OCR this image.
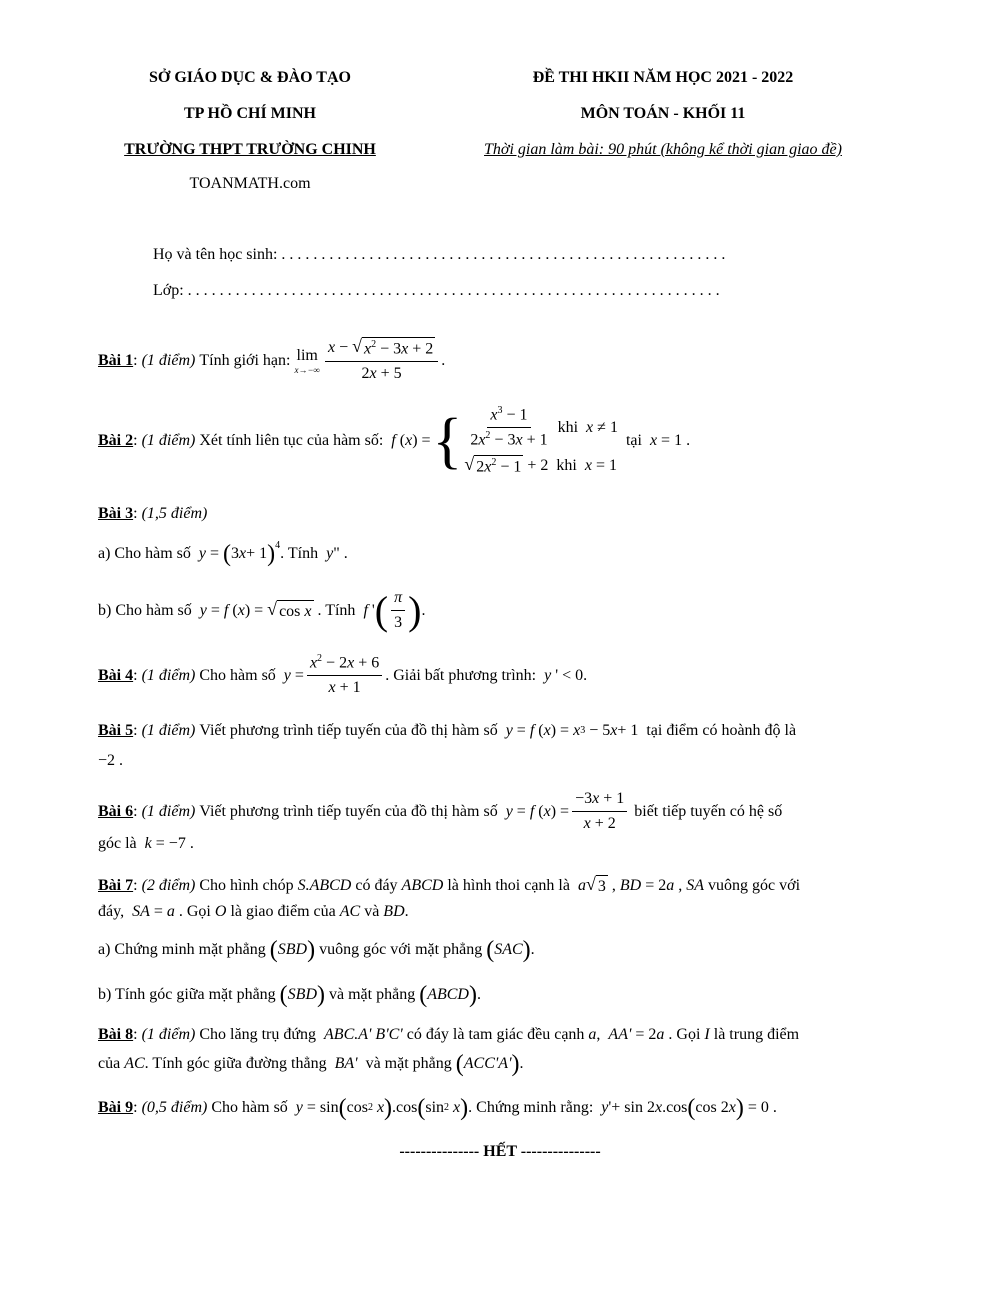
SỞ GIÁO DỤC & ĐÀO TẠO
TP HỒ CHÍ MINH
TRƯỜNG THPT TRƯỜNG CHINH
TOANMATH.com
ĐỀ THI HKII NĂM HỌC 2021 - 2022
MÔN TOÁN - KHỐI 11
Thời gian làm bài: 90 phút (không kể thời gian giao đề)
Họ và tên học sinh: . . . . . . . . . . . . . . . . . . . . . . . . . . . . . . . . . . . . . . . . . . . . . . . . . . . . . . . .
Lớp: . . . . . . . . . . . . . . . . . . . . . . . . . . . . . . . . . . . . . . . . . . . . . . . . . . . . . . . . . . . . . . . . . . .
Bài 1 : (1 điểm)
Tính giới hạn:
lim
$x\to-\infty \frac{x - √ x^2 - 3x + 2}{2x + 5}$ .
Bài 2 : (1 điểm)
Xét tính liên tục của hàm số:
f
( x ) = { $\frac{x^3 - 1}{2x^2 - 3x + 1}$
khi
x ≠ 1
√ $2x^2 - 1 + 2$ khi
x = 1

tại
x = 1 .
Bài 3 : (1,5 điểm)
a) Cho hàm số
y = ( 3 x + 1 )$^4$ . Tính
y " .
b) Cho hàm số
y = f ( x ) = √ cos x
. Tính
f ' ( $\frac{\pi}{3}$ ) .
Bài 4 : (1 điểm)
Cho hàm số
$y = \frac{x^2 - 2x + 6}{x + 1}$ . Giải bất phương trình:
y ' < 0.
Bài 5 : (1 điểm)
Viết phương trình tiếp tuyến của đồ thị hàm số
y = f ( x ) = x 3 − 5 x + 1 tại điểm có hoành độ là
−2 .
Bài 6 : (1 điểm)
Viết phương trình tiếp tuyến của đồ thị hàm số
y = f ( x ) = $\frac{-3x + 1}{x + 2}$
biết tiếp tuyến có hệ số
góc là
k = −7 .
Bài 7 : (2 điểm)
Cho hình chóp
S.ABCD
có đáy
ABCD
là hình thoi cạnh là
a √ 3 , BD = 2 a , SA
vuông góc với
đáy,
SA = a
. Gọi
O
là giao điểm của
AC
và
BD .
a) Chứng minh mặt phẳng
( SBD )
vuông góc với mặt phẳng
( SAC ) .
b) Tính góc giữa mặt phẳng
( SBD )
và mặt phẳng
( ABCD ) .
Bài 8 : (1 điểm)
Cho lăng trụ đứng
ABC.A' B'C'
có đáy là tam giác đều cạnh
a , AA' = 2 a
. Gọi
I
là trung điểm
của
AC . Tính góc giữa đường thẳng
BA'
và mặt phẳng
( ACC'A' ) .
Bài 9 : (0,5 điểm)
Cho hàm số
y = sin ( cos 2
x ) .cos ( sin 2
x ) . Chứng minh rằng:
y '+ sin 2 x .cos ( cos 2 x ) = 0 .
--------------- HẾT ---------------
